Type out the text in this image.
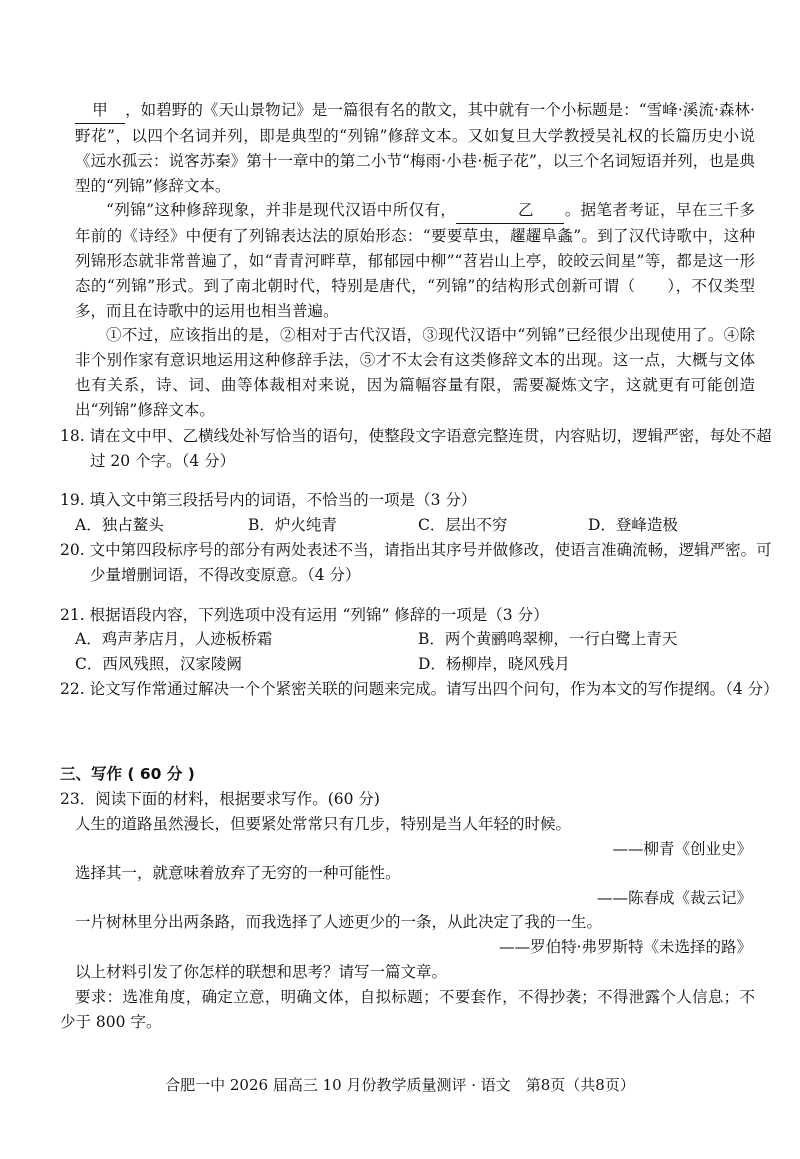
甲 ，如碧野的《天山景物记》是一篇很有名的散文，其中就有一个小标题是：“雪峰·溪流·森林·野花”，以四个名词并列，即是典型的“列锦”修辞文本。又如复旦大学教授吴礼权的长篇历史小说《远水孤云：说客苏秦》第十一章中的第二小节“梅雨·小巷·栀子花”，以三个名词短语并列，也是典型的“列锦”修辞文本。
“列锦”这种修辞现象，并非是现代汉语中所仅有，	乙 。据笔者考证，早在三千多年前的《诗经》中便有了列锦表达法的原始形态：“要要草虫，趯趯阜螽”。到了汉代诗歌中，这种列锦形态就非常普遍了，如“青青河畔草，郁郁园中柳”“苕岩山上亭，皎皎云间星”等，都是这一形态的“列锦”形式。到了南北朝时代，特别是唐代，“列锦”的结构形式创新可谓（　　），不仅类型多，而且在诗歌中的运用也相当普遍。
①不过，应该指出的是，②相对于古代汉语，③现代汉语中“列锦”已经很少出现使用了。④除非个别作家有意识地运用这种修辞手法，⑤才不太会有这类修辞文本的出现。这一点，大概与文体也有关系，诗、词、曲等体裁相对来说，因为篇幅容量有限，需要凝炼文字，这就更有可能创造出“列锦”修辞文本。
18. 请在文中甲、乙横线处补写恰当的语句，使整段文字语意完整连贯，内容贴切，逻辑严密，每处不超过 20 个字。（4 分）
19. 填入文中第三段括号内的词语，不恰当的一项是（3 分）
A．独占鳌头	B．炉火纯青	C．层出不穷	D．登峰造极
20. 文中第四段标序号的部分有两处表述不当，请指出其序号并做修改，使语言准确流畅，逻辑严密。可少量增删词语，不得改变原意。（4 分）
21. 根据语段内容，下列选项中没有运用 “列锦” 修辞的一项是（3 分）
A．鸡声茅店月，人迹板桥霜	B．两个黄鹂鸣翠柳，一行白鹭上青天
C．西风残照，汉家陵阙	D．杨柳岸，晓风残月
22. 论文写作常通过解决一个个紧密关联的问题来完成。请写出四个问句，作为本文的写作提纲。（4 分）
三、写作 ( 60 分 )
23．阅读下面的材料，根据要求写作。(60 分)
人生的道路虽然漫长，但要紧处常常只有几步，特别是当人年轻的时候。
——柳青《创业史》
选择其一，就意味着放弃了无穷的一种可能性。
——陈春成《裁云记》
一片树林里分出两条路，而我选择了人迹更少的一条，从此决定了我的一生。
——罗伯特·弗罗斯特《未选择的路》
以上材料引发了你怎样的联想和思考？请写一篇文章。
要求：选准角度，确定立意，明确文体，自拟标题；不要套作，不得抄袭；不得泄露个人信息；不少于 800 字。
合肥一中 2026 届高三 10 月份教学质量测评 · 语文　第8页（共8页）
